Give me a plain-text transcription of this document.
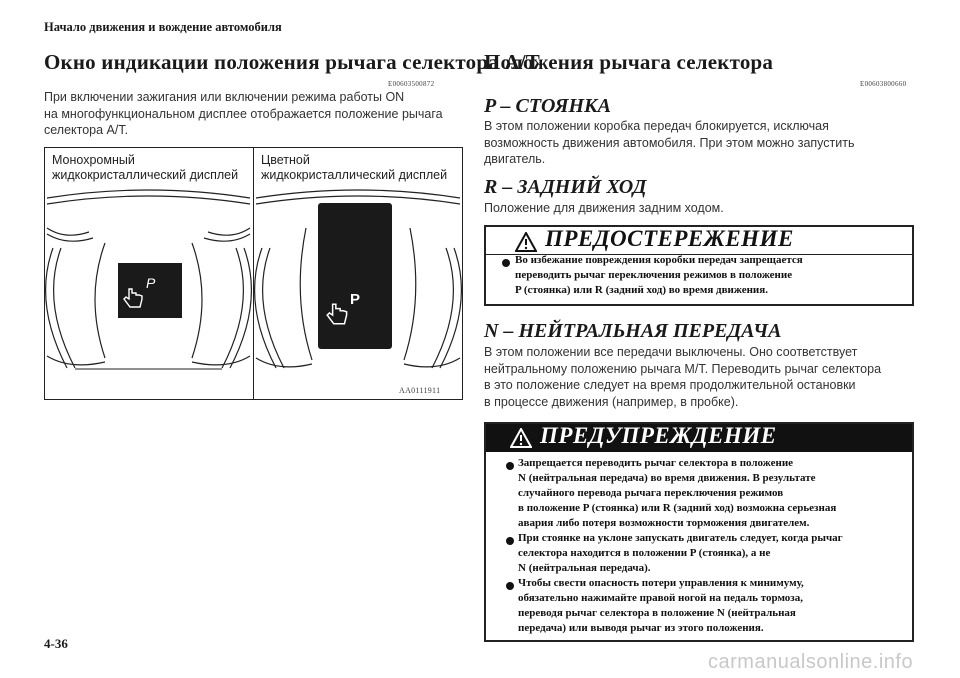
Начало движения и вождение автомобиля
Окно индикации положения рычага селектора A/T
E00603500872
При включении зажигания или включении режима работы ON
на многофункциональном дисплее отображается положение рычага
селектора A/T.
Монохромный
жидкокристаллический дисплей
Цветной
жидкокристаллический дисплей
P
P
AA0111911
Положения рычага селектора
E00603800660
P – СТОЯНКА
В этом положении коробка передач блокируется, исключая
возможность движения автомобиля. При этом можно запустить
двигатель.
R – ЗАДНИЙ ХОД
Положение для движения задним ходом.
ПРЕДОСТЕРЕЖЕНИЕ
Во избежание повреждения коробки передач запрещается
переводить рычаг переключения режимов в положение
P (стоянка) или R (задний ход) во время движения.
N – НЕЙТРАЛЬНАЯ ПЕРЕДАЧА
В этом положении все передачи выключены. Оно соответствует
нейтральному положению рычага M/T. Переводить рычаг селектора
в это положение следует на время продолжительной остановки
в процессе движения (например, в пробке).
ПРЕДУПРЕЖДЕНИЕ
Запрещается переводить рычаг селектора в положение
N (нейтральная передача) во время движения. В результате
случайного перевода рычага переключения режимов
в положение P (стоянка) или R (задний ход) возможна серьезная
авария либо потеря возможности торможения двигателем.
При стоянке на уклоне запускать двигатель следует, когда рычаг
селектора находится в положении P (стоянка), а не
N (нейтральная передача).
Чтобы свести опасность потери управления к минимуму,
обязательно нажимайте правой ногой на педаль тормоза,
переводя рычаг селектора в положение N (нейтральная
передача) или выводя рычаг из этого положения.
4-36
carmanualsonline.info
